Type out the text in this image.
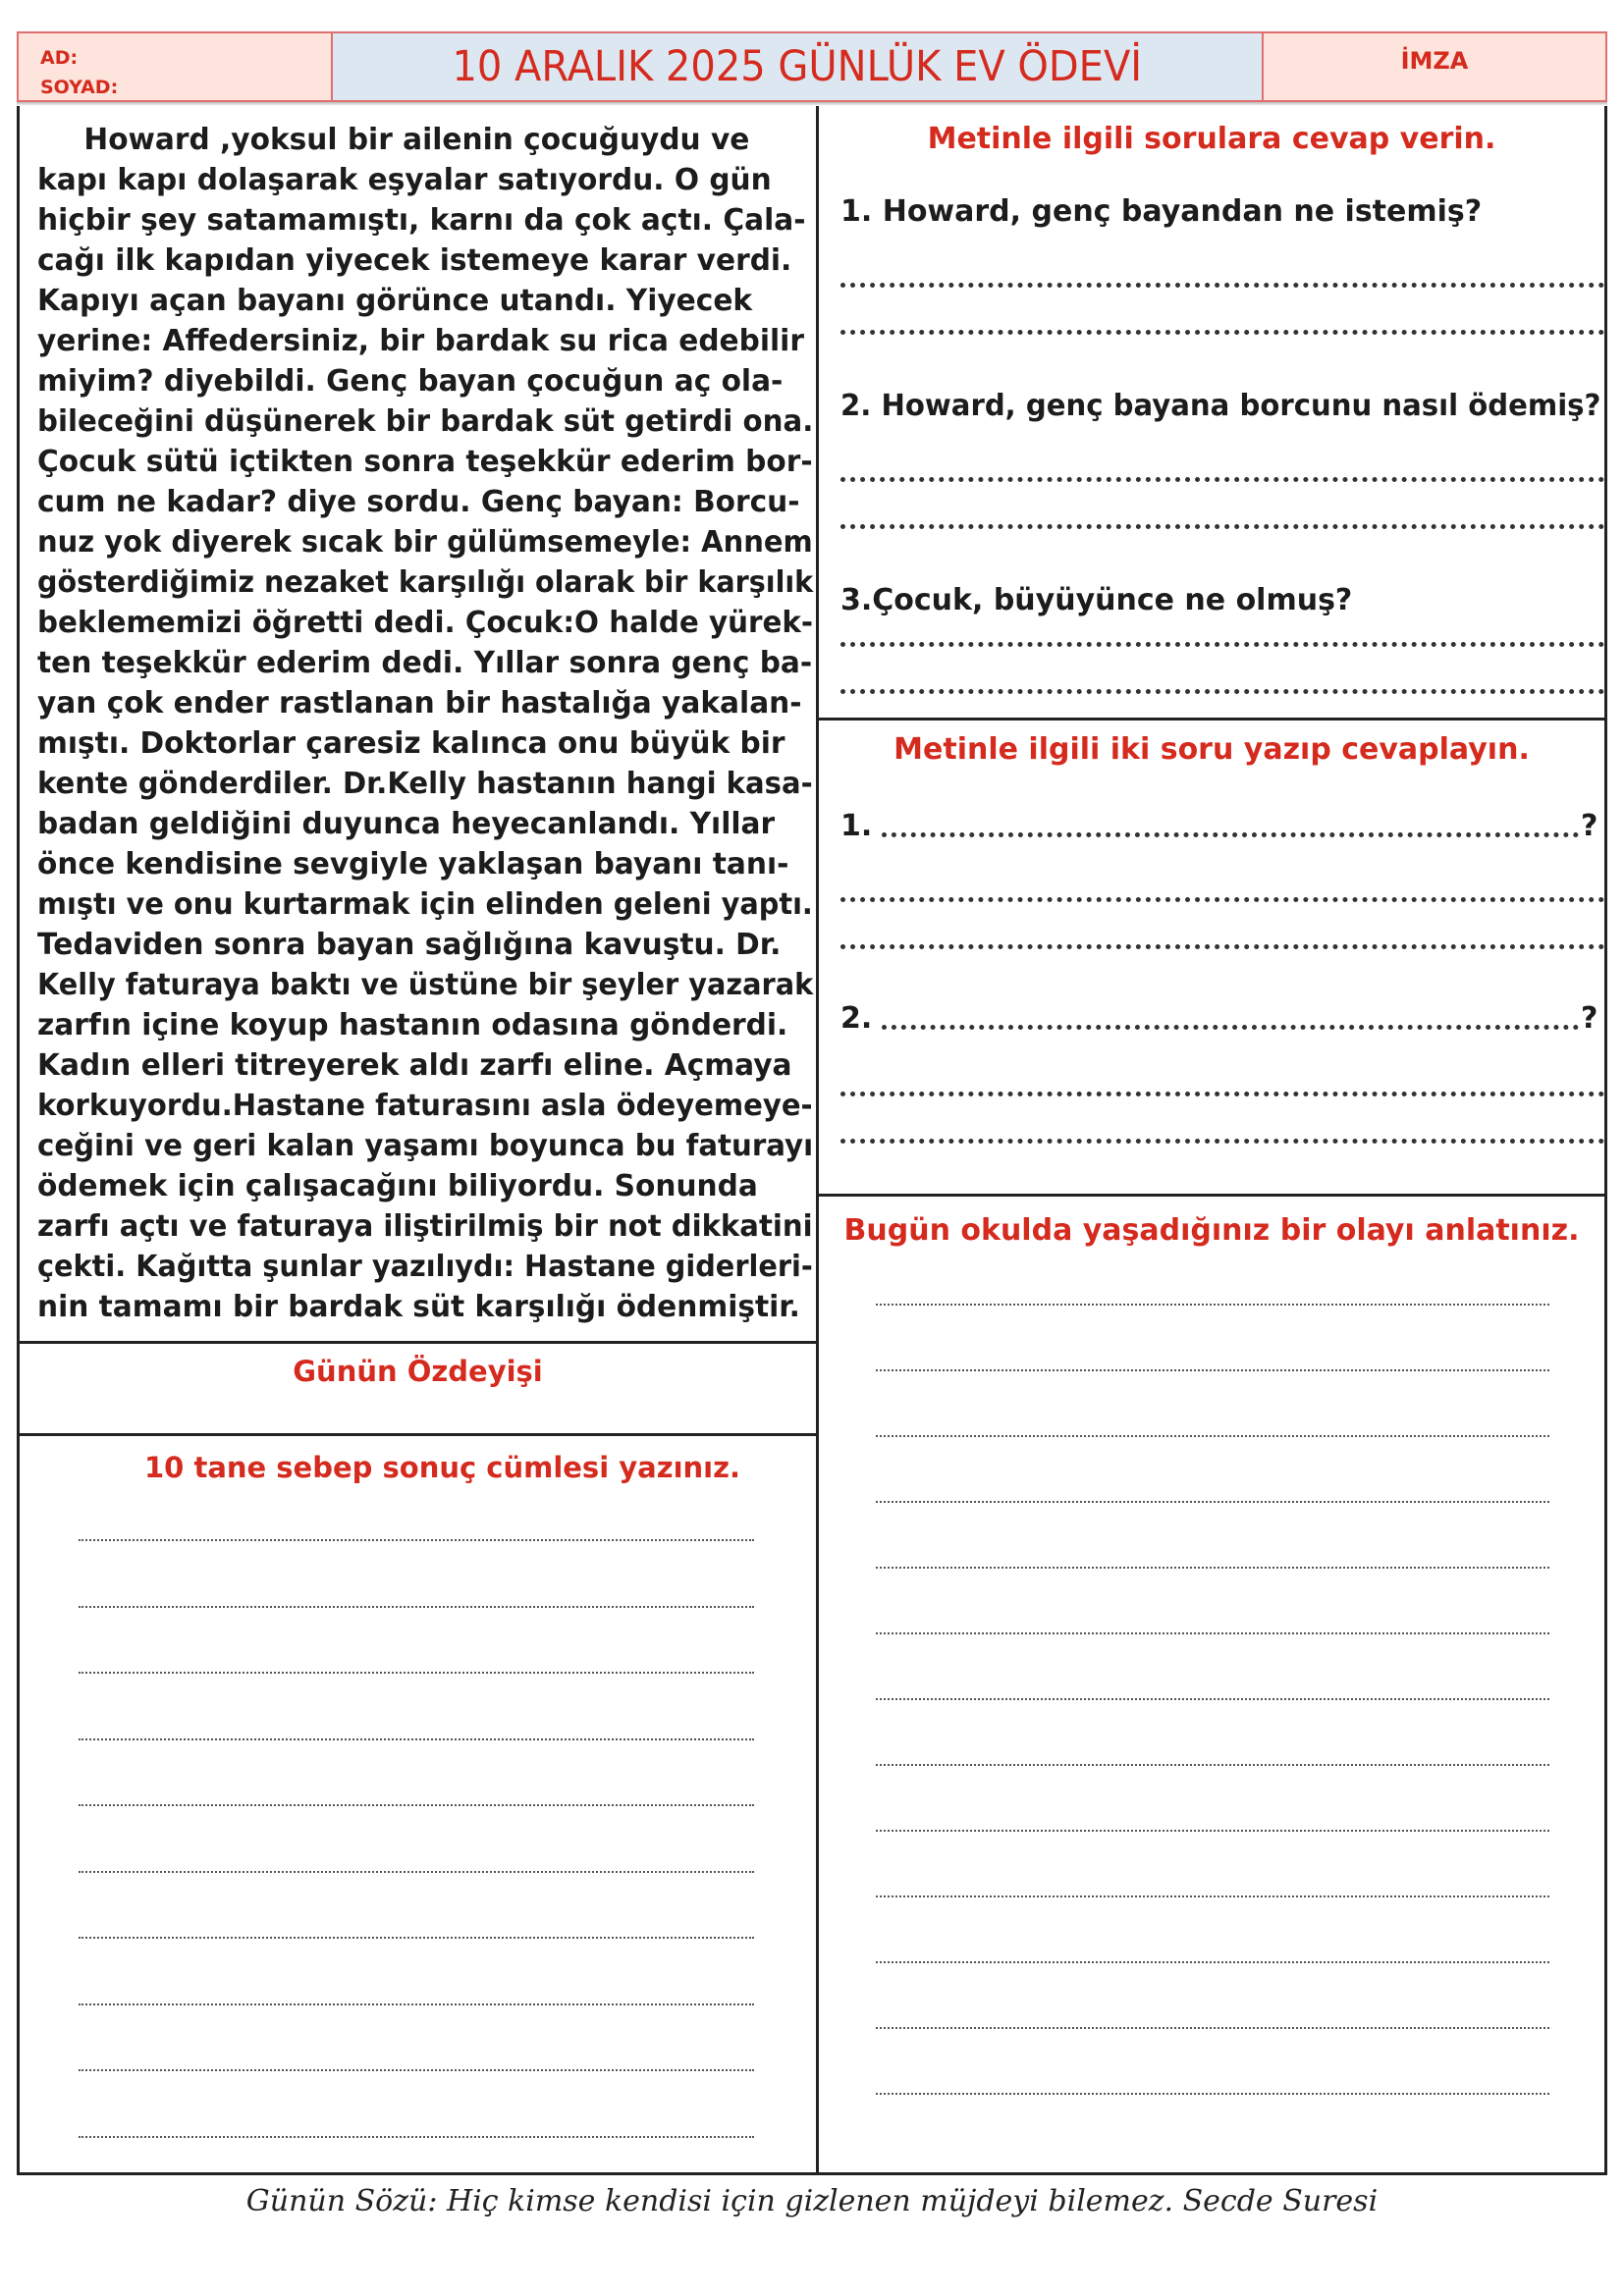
AD:
SOYAD:	10 ARALIK 2025 GÜNLÜK EV ÖDEVİ	İMZA
Howard ,yoksul bir ailenin çocuğuydu ve
kapı kapı dolaşarak eşyalar satıyordu. O gün
hiçbir şey satamamıştı, karnı da çok açtı. Çala-
cağı ilk kapıdan yiyecek istemeye karar verdi.
Kapıyı açan bayanı görünce utandı. Yiyecek
yerine: Affedersiniz, bir bardak su rica edebilir
miyim? diyebildi. Genç bayan çocuğun aç ola-
bileceğini düşünerek bir bardak süt getirdi ona.
Çocuk sütü içtikten sonra teşekkür ederim bor-
cum ne kadar? diye sordu. Genç bayan: Borcu-
nuz yok diyerek sıcak bir gülümsemeyle: Annem
gösterdiğimiz nezaket karşılığı olarak bir karşılık
beklememizi öğretti dedi. Çocuk:O halde yürek-
ten teşekkür ederim dedi. Yıllar sonra genç ba-
yan çok ender rastlanan bir hastalığa yakalan-
mıştı. Doktorlar çaresiz kalınca onu büyük bir
kente gönderdiler. Dr.Kelly hastanın hangi kasa-
badan geldiğini duyunca heyecanlandı. Yıllar
önce kendisine sevgiyle yaklaşan bayanı tanı-
mıştı ve onu kurtarmak için elinden geleni yaptı.
Tedaviden sonra bayan sağlığına kavuştu. Dr.
Kelly faturaya baktı ve üstüne bir şeyler yazarak
zarfın içine koyup hastanın odasına gönderdi.
Kadın elleri titreyerek aldı zarfı eline. Açmaya
korkuyordu.Hastane faturasını asla ödeyemeye-
ceğini ve geri kalan yaşamı boyunca bu faturayı
ödemek için çalışacağını biliyordu. Sonunda
zarfı açtı ve faturaya iliştirilmiş bir not dikkatini
çekti. Kağıtta şunlar yazılıydı: Hastane giderleri-
nin tamamı bir bardak süt karşılığı ödenmiştir.
Günün Özdeyişi
10 tane sebep sonuç cümlesi yazınız.
Metinle ilgili sorulara cevap verin.
1. Howard, genç bayandan ne istemiş?
2. Howard, genç bayana borcunu nasıl ödemiş?
3.Çocuk, büyüyünce ne olmuş?
Metinle ilgili iki soru yazıp cevaplayın.
1.	?
2.	?
Bugün okulda yaşadığınız bir olayı anlatınız.
Günün Sözü: Hiç kimse kendisi için gizlenen müjdeyi bilemez. Secde Suresi
